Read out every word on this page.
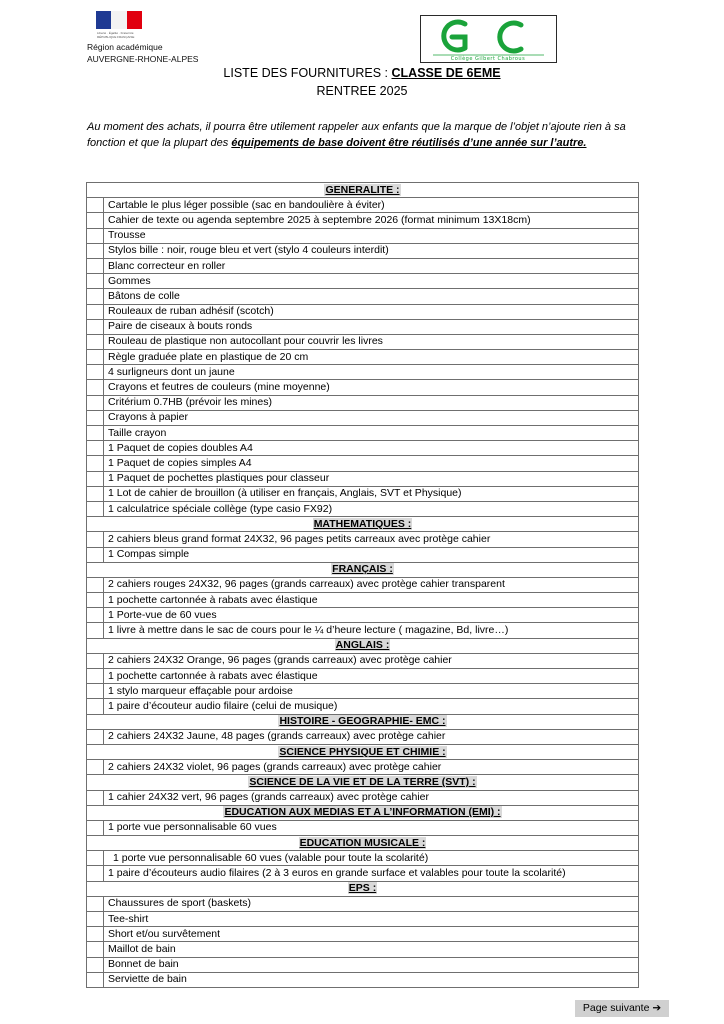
Liberté · Égalité · Fraternité RÉPUBLIQUE FRANÇAISE
Région académique
AUVERGNE-RHONE-ALPES	Collège Gilbert Chabrous
LISTE DES FOURNITURES : CLASSE DE 6EME
RENTREE 2025
Au moment des achats, il pourra être utilement rappeler aux enfants que la marque de l’objet n’ajoute rien à sa fonction et que la plupart des équipements de base doivent être réutilisés d’une année sur l’autre.
GENERALITE :	
	Cartable le plus léger possible (sac en bandoulière à éviter)
	Cahier de texte ou agenda septembre 2025 à septembre 2026 (format minimum 13X18cm)
	Trousse
	Stylos bille : noir, rouge bleu et vert (stylo 4 couleurs interdit)
	Blanc correcteur en roller
	Gommes
	Bâtons de colle
	Rouleaux de ruban adhésif (scotch)
	Paire de ciseaux à bouts ronds
	Rouleau de plastique non autocollant pour couvrir les livres
	Règle graduée plate en plastique de 20 cm
	4 surligneurs dont un jaune
	Crayons et feutres de couleurs (mine moyenne)
	Critérium 0.7HB (prévoir les mines)
	Crayons à papier
	Taille crayon
	1 Paquet de copies doubles A4
	1 Paquet de copies simples A4
	1 Paquet de pochettes plastiques pour classeur
	1 Lot de cahier de brouillon (à utiliser en français, Anglais, SVT et Physique)
	1 calculatrice spéciale collège (type casio FX92)
MATHEMATIQUES :	
	2 cahiers bleus grand format 24X32, 96 pages petits carreaux avec protège cahier
	1 Compas simple
FRANÇAIS :	
	2 cahiers rouges 24X32, 96 pages (grands carreaux) avec protège cahier transparent
	1 pochette cartonnée à rabats avec élastique
	1 Porte-vue de 60 vues
	1 livre à mettre dans le sac de cours pour le ¼ d’heure lecture ( magazine, Bd, livre…)
ANGLAIS :	
	2 cahiers 24X32 Orange, 96 pages (grands carreaux) avec protège cahier
	1 pochette cartonnée à rabats avec élastique
	1 stylo marqueur effaçable pour ardoise
	1 paire d’écouteur audio filaire (celui de musique)
HISTOIRE - GEOGRAPHIE- EMC :	
	2 cahiers 24X32 Jaune, 48 pages (grands carreaux) avec protège cahier
SCIENCE PHYSIQUE ET CHIMIE :	
	2 cahiers 24X32 violet, 96 pages (grands carreaux) avec protège cahier
SCIENCE DE LA VIE ET DE LA TERRE (SVT) :	
	1 cahier 24X32 vert, 96 pages (grands carreaux) avec protège cahier
EDUCATION AUX MEDIAS ET A L’INFORMATION (EMI) :	
	1 porte vue personnalisable 60 vues
EDUCATION MUSICALE :	
	1 porte vue personnalisable 60 vues (valable pour toute la scolarité)
	1 paire d’écouteurs audio filaires (2 à 3 euros en grande surface et valables pour toute la scolarité)
EPS :	
	Chaussures de sport (baskets)
	Tee-shirt
	Short et/ou survêtement
	Maillot de bain
	Bonnet de bain
	Serviette de bain
Page suivante ➔
